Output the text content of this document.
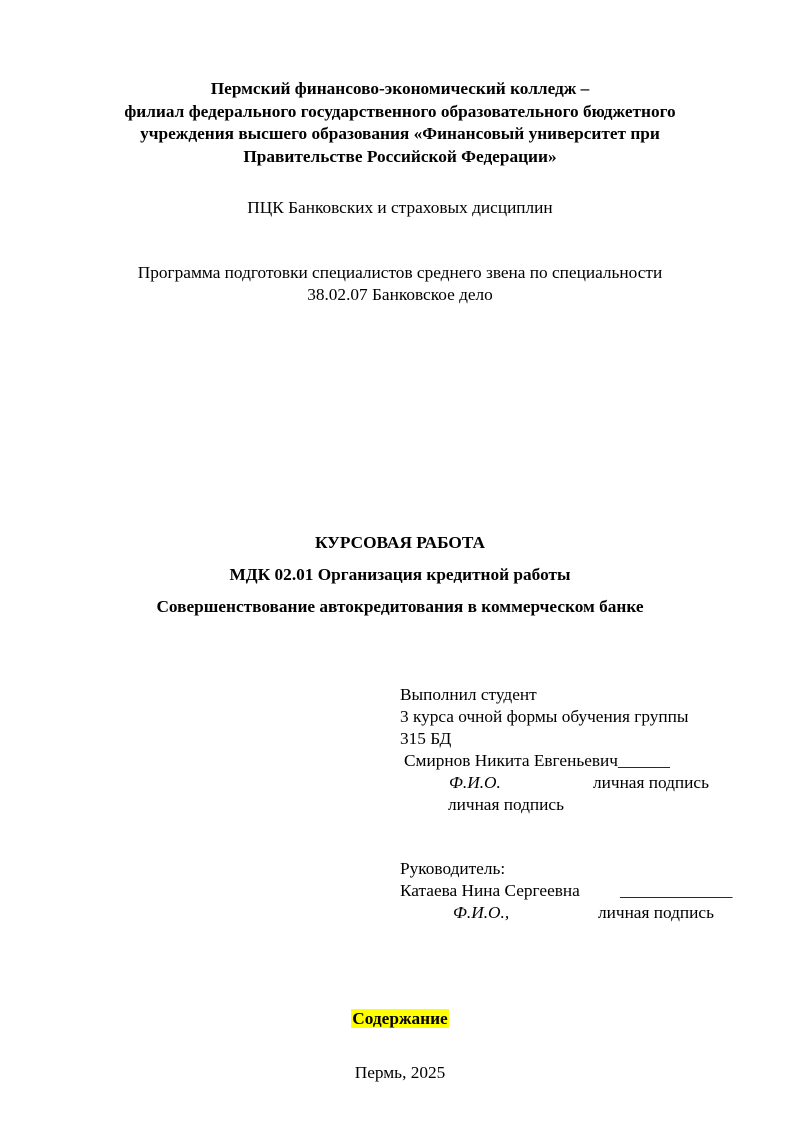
Пермский финансово-экономический колледж –
филиал федерального государственного образовательного бюджетного
учреждения высшего образования «Финансовый университет при
Правительстве Российской Федерации»
ПЦК Банковских и страховых дисциплин
Программа подготовки специалистов среднего звена по специальности
38.02.07 Банковское дело
КУРСОВАЯ РАБОТА
МДК 02.01 Организация кредитной работы
Совершенствование автокредитования в коммерческом банке
Выполнил студент
3 курса очной формы обучения группы
315 БД
Смирнов Никита Евгеньевич______
Ф.И.О.	личная подпись
личная подпись
Руководитель:
Катаева Нина Сергеевна _____________
Ф.И.О.,	личная подпись
Содержание
Пермь, 2025
